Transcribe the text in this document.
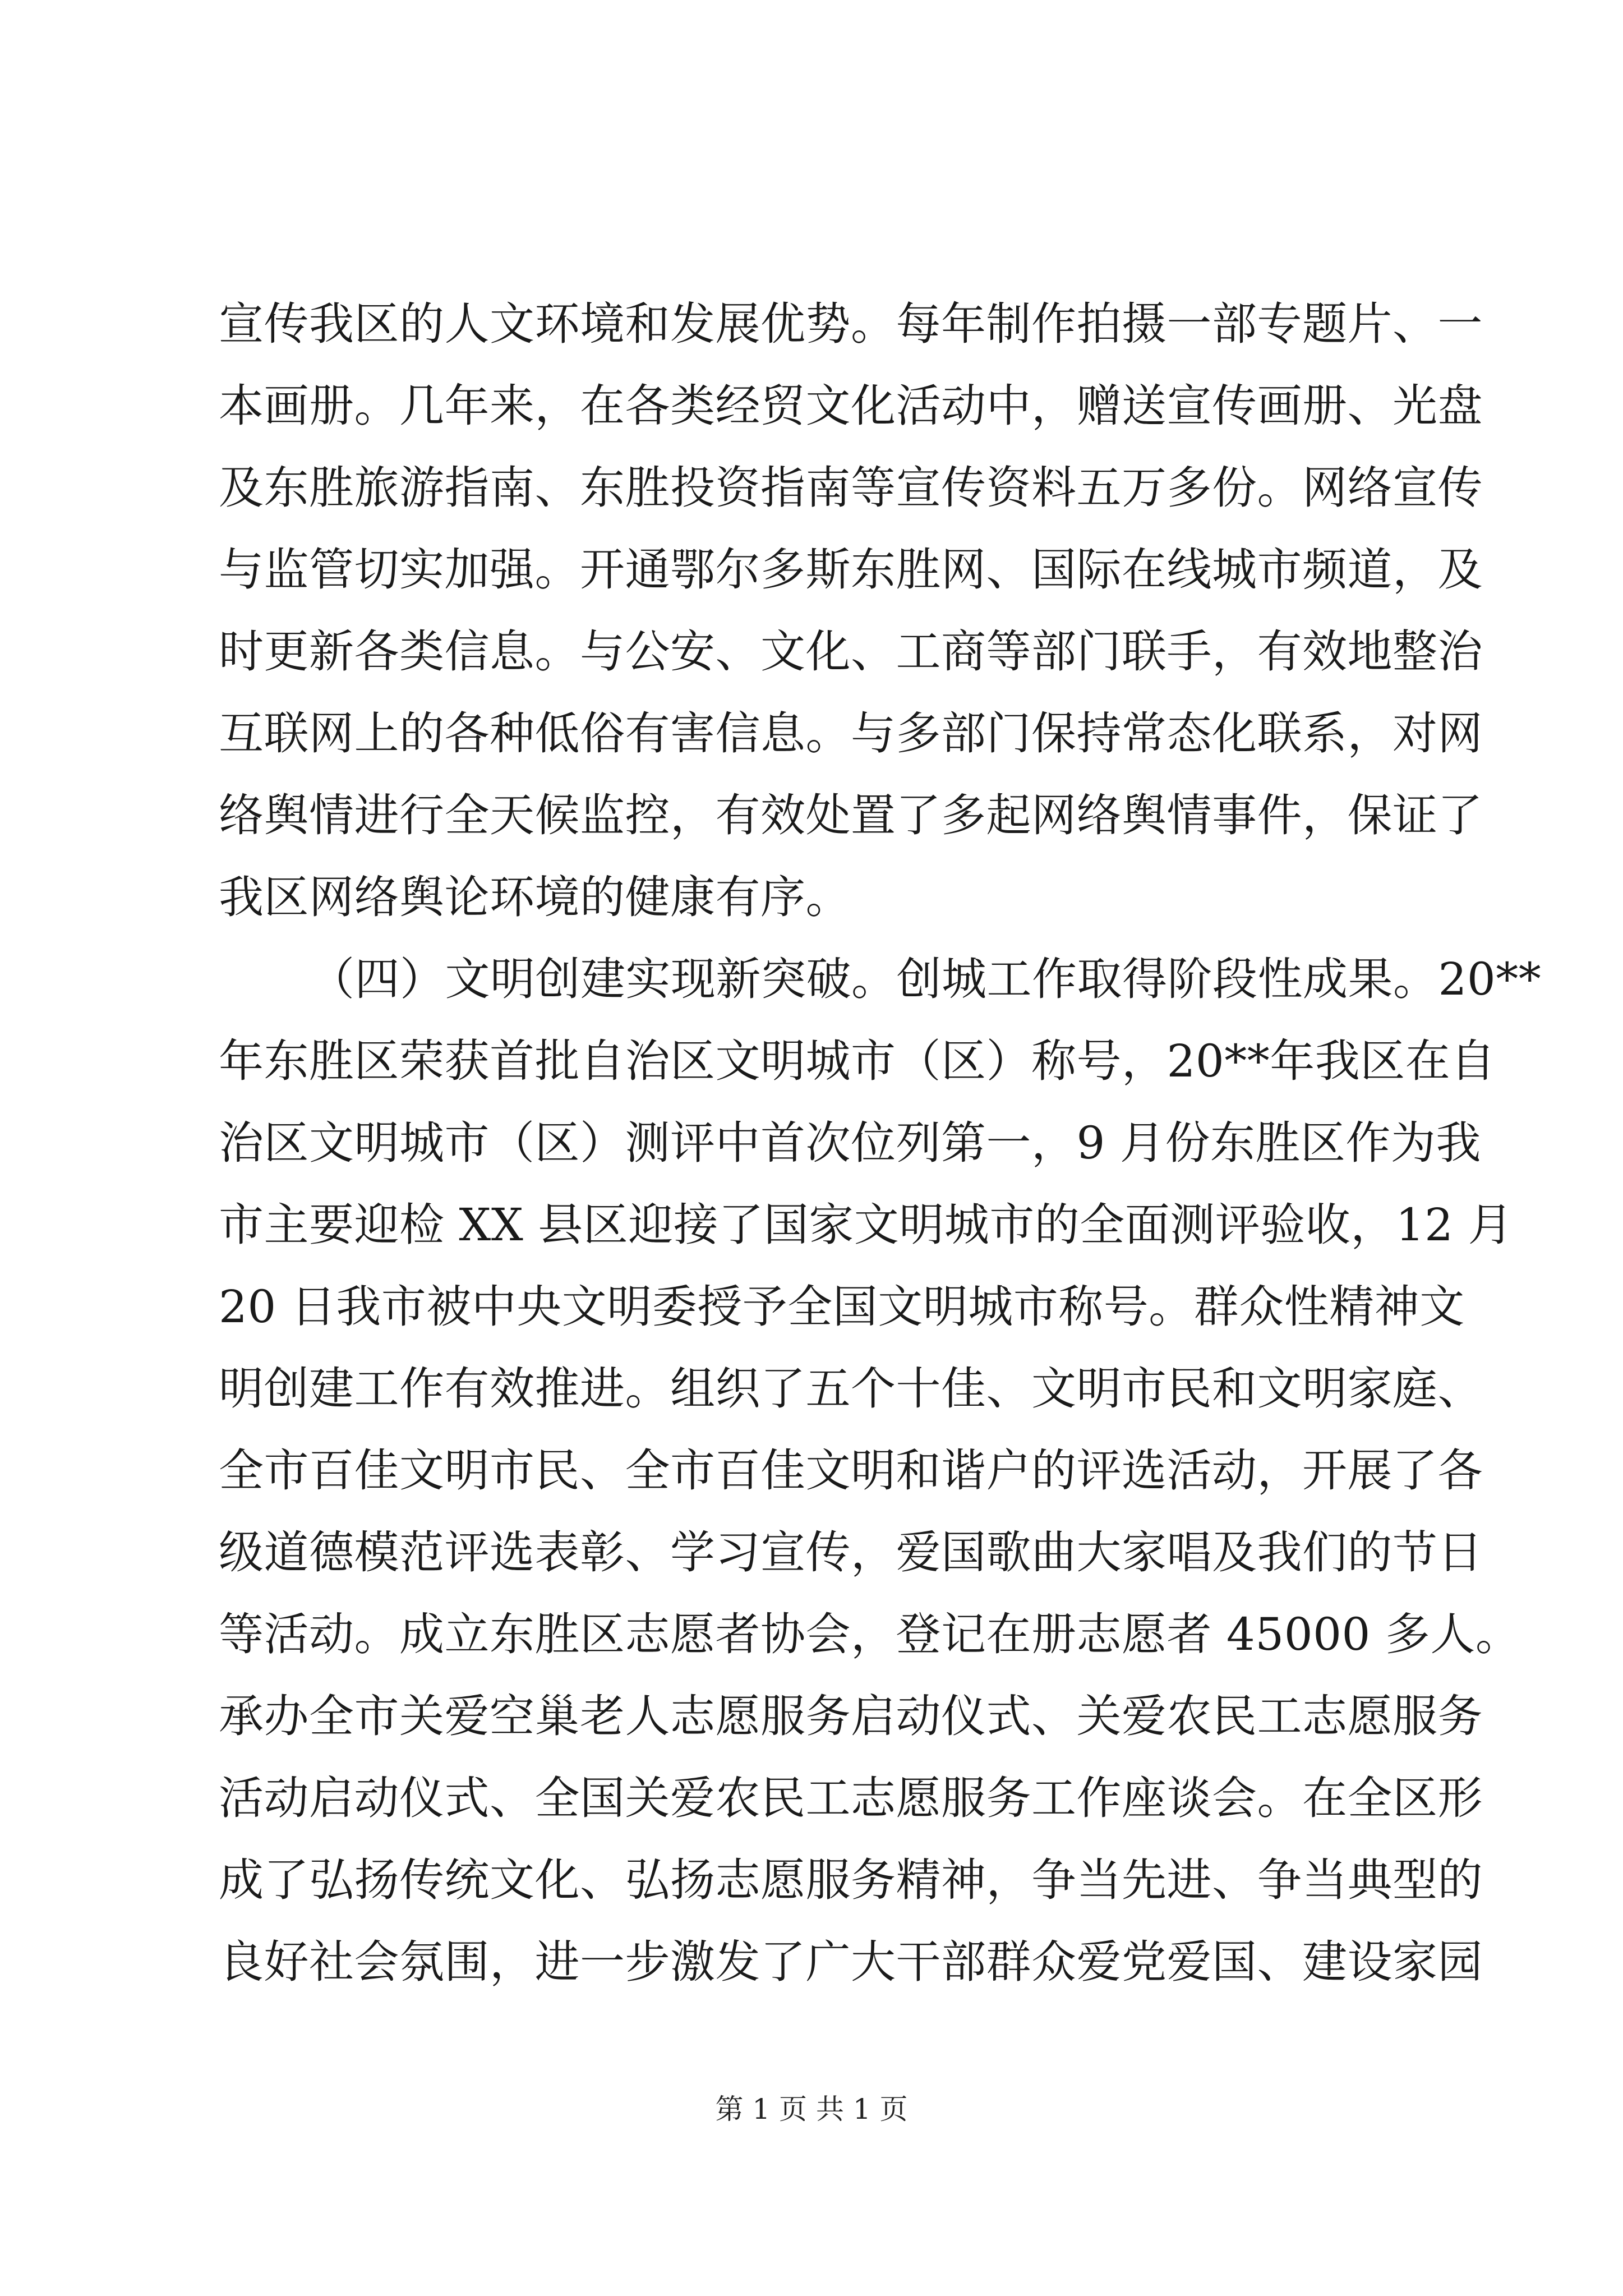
宣传我区的人文环境和发展优势。每年制作拍摄一部专题片、一
本画册。几年来，在各类经贸文化活动中，赠送宣传画册、光盘
及东胜旅游指南、东胜投资指南等宣传资料五万多份。网络宣传
与监管切实加强。开通鄂尔多斯东胜网、国际在线城市频道，及
时更新各类信息。与公安、文化、工商等部门联手，有效地整治
互联网上的各种低俗有害信息。与多部门保持常态化联系，对网
络舆情进行全天候监控，有效处置了多起网络舆情事件，保证了
我区网络舆论环境的健康有序。
（四）文明创建实现新突破。创城工作取得阶段性成果。20**
年东胜区荣获首批自治区文明城市（区）称号，20**年我区在自
治区文明城市（区）测评中首次位列第一，9 月份东胜区作为我
市主要迎检 XX 县区迎接了国家文明城市的全面测评验收，12 月
20 日我市被中央文明委授予全国文明城市称号。群众性精神文
明创建工作有效推进。组织了五个十佳、文明市民和文明家庭、
全市百佳文明市民、全市百佳文明和谐户的评选活动，开展了各
级道德模范评选表彰、学习宣传，爱国歌曲大家唱及我们的节日
等活动。成立东胜区志愿者协会，登记在册志愿者 45000 多人。
承办全市关爱空巢老人志愿服务启动仪式、关爱农民工志愿服务
活动启动仪式、全国关爱农民工志愿服务工作座谈会。在全区形
成了弘扬传统文化、弘扬志愿服务精神，争当先进、争当典型的
良好社会氛围，进一步激发了广大干部群众爱党爱国、建设家园
第 1 页 共 1 页
